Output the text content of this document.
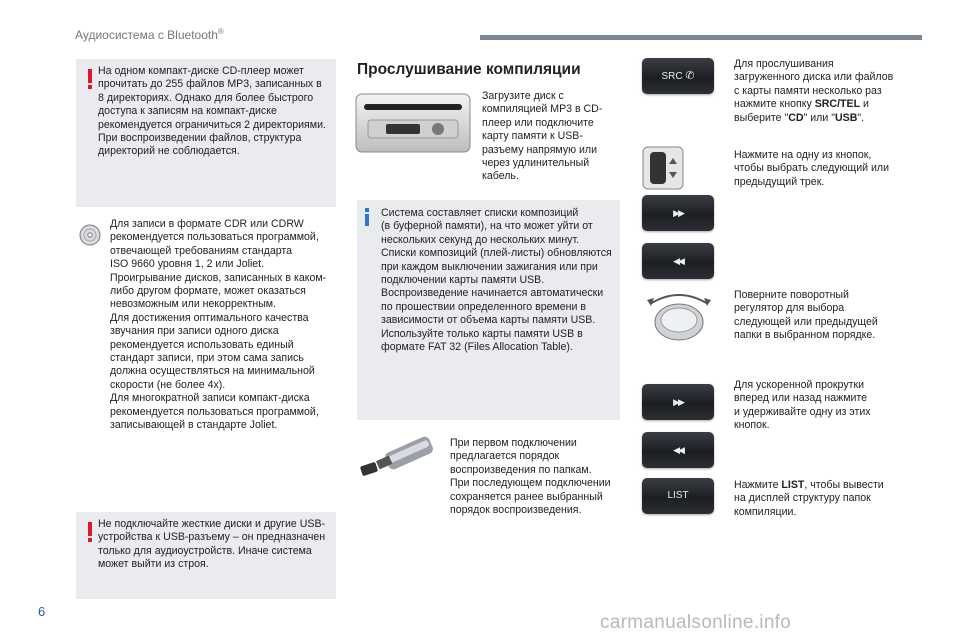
Аудиосистема с Bluetooth®
На одном компакт-диске CD-плеер может
прочитать до 255 файлов MP3, записанных в
8 директориях. Однако для более быстрого
доступа к записям на компакт-диске
рекомендуется ограничиться 2 директориями.
При воспроизведении файлов, структура
директорий не соблюдается.
Для записи в формате CDR или CDRW
рекомендуется пользоваться программой,
отвечающей требованиям стандарта
ISO 9660 уровня 1, 2 или Joliet.
Проигрывание дисков, записанных в каком-
либо другом формате, может оказаться
невозможным или некорректным.
Для достижения оптимального качества
звучания при записи одного диска
рекомендуется использовать единый
стандарт записи, при этом сама запись
должна осуществляться на минимальной
скорости (не более 4x).
Для многократной записи компакт-диска
рекомендуется пользоваться программой,
записывающей в стандарте Joliet.
Не подключайте жесткие диски и другие USB-
устройства к USB-разъему – он предназначен
только для аудиоустройств. Иначе система
может выйти из строя.
Прослушивание компиляции
Загрузите диск с
компиляцией MP3 в CD-
плеер или подключите
карту памяти к USB-
разъему напрямую или
через удлинительный
кабель.
Система составляет списки композиций
(в буферной памяти), на что может уйти от
нескольких секунд до нескольких минут.
Списки композиций (плей-листы) обновляются
при каждом выключении зажигания или при
подключении карты памяти USB.
Воспроизведение начинается автоматически
по прошествии определенного времени в
зависимости от объема карты памяти USB.
Используйте только карты памяти USB в
формате FAT 32 (Files Allocation Table).
При первом подключении
предлагается порядок
воспроизведения по папкам.
При последующем подключении
сохраняется ранее выбранный
порядок воспроизведения.
SRC ✆
Для прослушивания
загруженного диска или файлов
с карты памяти несколько раз
нажмите кнопку SRC/TEL и
выберите "CD" или "USB".
▶▶
◀◀
Нажмите на одну из кнопок,
чтобы выбрать следующий или
предыдущий трек.
Поверните поворотный
регулятор для выбора
следующей или предыдущей
папки в выбранном порядке.
▶▶
◀◀
Для ускоренной прокрутки
вперед или назад нажмите
и удерживайте одну из этих
кнопок.
LIST
Нажмите LIST, чтобы вывести
на дисплей структуру папок
компиляции.
6
carmanualsonline.info
